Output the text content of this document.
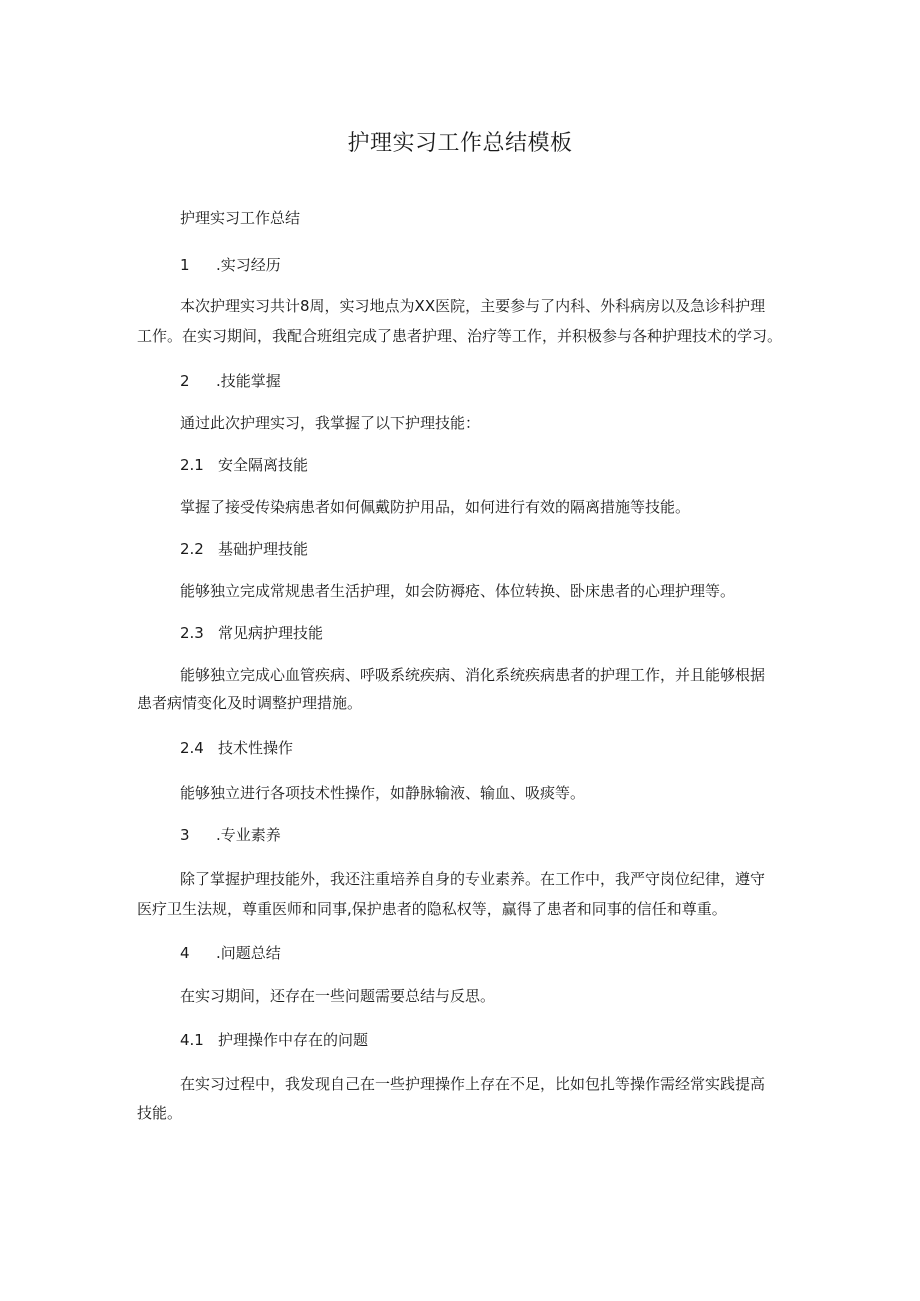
护理实习工作总结模板
护理实习工作总结
1 .实习经历
本次护理实习共计8周，实习地点为XX医院，主要参与了内科、外科病房以及急诊科护理
工作。在实习期间，我配合班组完成了患者护理、治疗等工作，并积极参与各种护理技术的学习。
2 .技能掌握
通过此次护理实习，我掌握了以下护理技能：
2.1 安全隔离技能
掌握了接受传染病患者如何佩戴防护用品，如何进行有效的隔离措施等技能。
2.2 基础护理技能
能够独立完成常规患者生活护理，如会防褥疮、体位转换、卧床患者的心理护理等。
2.3 常见病护理技能
能够独立完成心血管疾病、呼吸系统疾病、消化系统疾病患者的护理工作，并且能够根据
患者病情变化及时调整护理措施。
2.4 技术性操作
能够独立进行各项技术性操作，如静脉输液、输血、吸痰等。
3 .专业素养
除了掌握护理技能外，我还注重培养自身的专业素养。在工作中，我严守岗位纪律，遵守
医疗卫生法规，尊重医师和同事,保护患者的隐私权等，赢得了患者和同事的信任和尊重。
4 .问题总结
在实习期间，还存在一些问题需要总结与反思。
4.1 护理操作中存在的问题
在实习过程中，我发现自己在一些护理操作上存在不足，比如包扎等操作需经常实践提高
技能。
